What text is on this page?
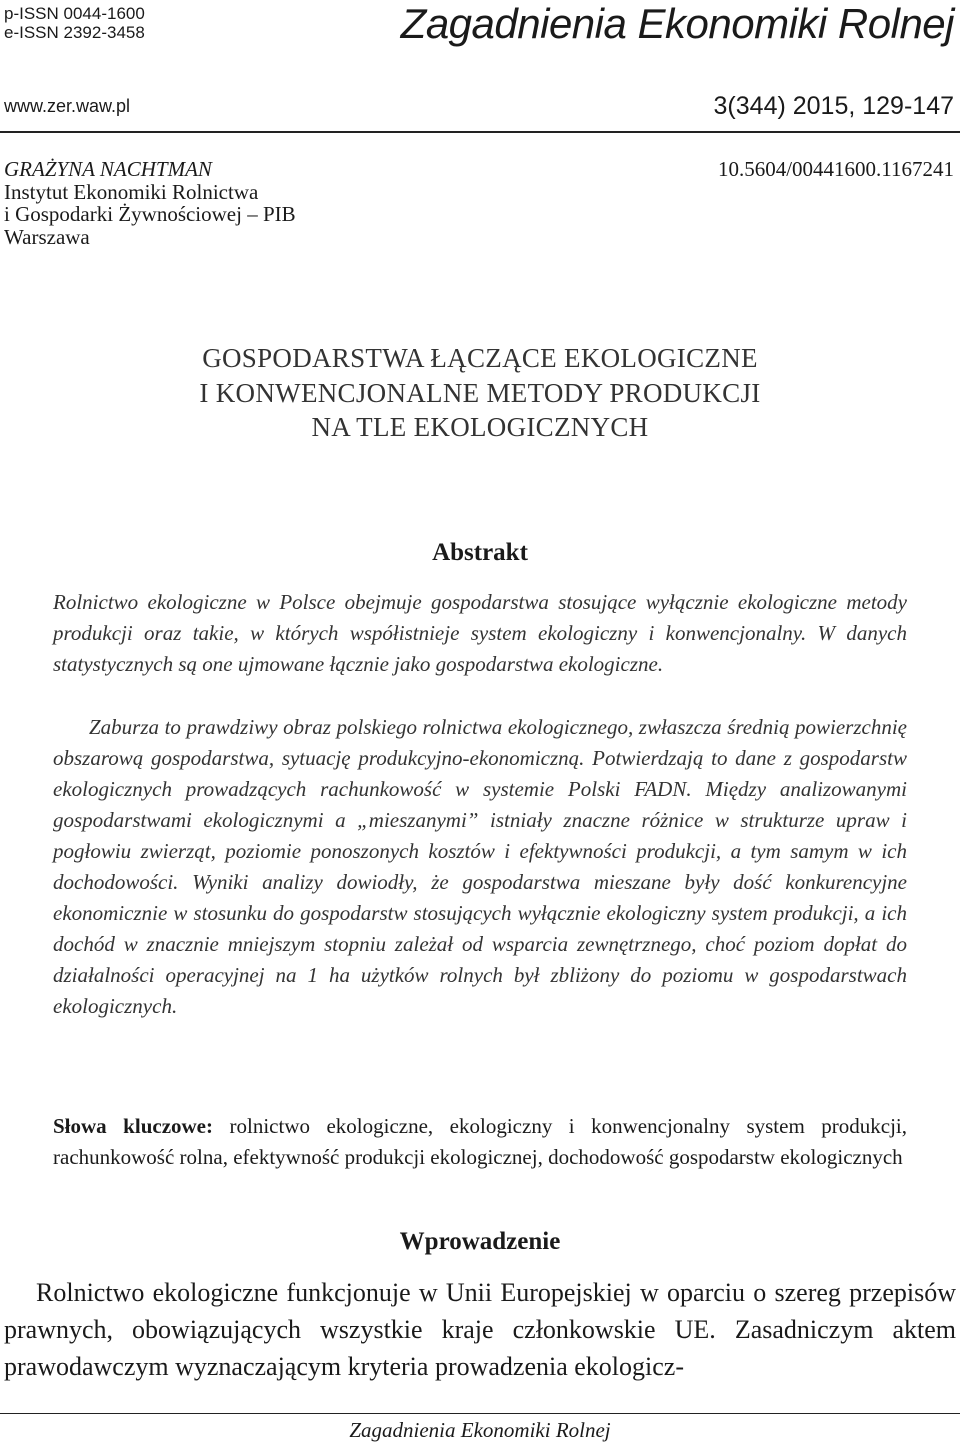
p-ISSN 0044-1600
e-ISSN 2392-3458	Zagadnienia Ekonomiki Rolnej
www.zer.waw.pl	3(344) 2015, 129-147
GRAŻYNA NACHTMAN
Instytut Ekonomiki Rolnictwa
i Gospodarki Żywnościowej – PIB
Warszawa
10.5604/00441600.1167241
GOSPODARSTWA ŁĄCZĄCE EKOLOGICZNE
I KONWENCJONALNE METODY PRODUKCJI
NA TLE EKOLOGICZNYCH
Abstrakt
Rolnictwo ekologiczne w Polsce obejmuje gospodarstwa stosujące wyłącznie ekologiczne metody produkcji oraz takie, w których współistnieje system ekologiczny i konwencjonalny. W danych statystycznych są one ujmowane łącznie jako gospodarstwa ekologiczne.
Zaburza to prawdziwy obraz polskiego rolnictwa ekologicznego, zwłaszcza średnią powierzchnię obszarową gospodarstwa, sytuację produkcyjno-ekonomiczną. Potwierdzają to dane z gospodarstw ekologicznych prowadzących rachunkowość w systemie Polski FADN. Między analizowanymi gospodarstwami ekologicznymi a „mieszanymi” istniały znaczne różnice w strukturze upraw i pogłowiu zwierząt, poziomie ponoszonych kosztów i efektywności produkcji, a tym samym w ich dochodowości. Wyniki analizy dowiodły, że gospodarstwa mieszane były dość konkurencyjne ekonomicznie w stosunku do gospodarstw stosujących wyłącznie ekologiczny system produkcji, a ich dochód w znacznie mniejszym stopniu zależał od wsparcia zewnętrznego, choć poziom dopłat do działalności operacyjnej na 1 ha użytków rolnych był zbliżony do poziomu w gospodarstwach ekologicznych.
Słowa kluczowe: rolnictwo ekologiczne, ekologiczny i konwencjonalny system produkcji, rachunkowość rolna, efektywność produkcji ekologicznej, dochodowość gospodarstw ekologicznych
Wprowadzenie
Rolnictwo ekologiczne funkcjonuje w Unii Europejskiej w oparciu o szereg przepisów prawnych, obowiązujących wszystkie kraje członkowskie UE. Zasadniczym aktem prawodawczym wyznaczającym kryteria prowadzenia ekologicz-
Zagadnienia Ekonomiki Rolnej
